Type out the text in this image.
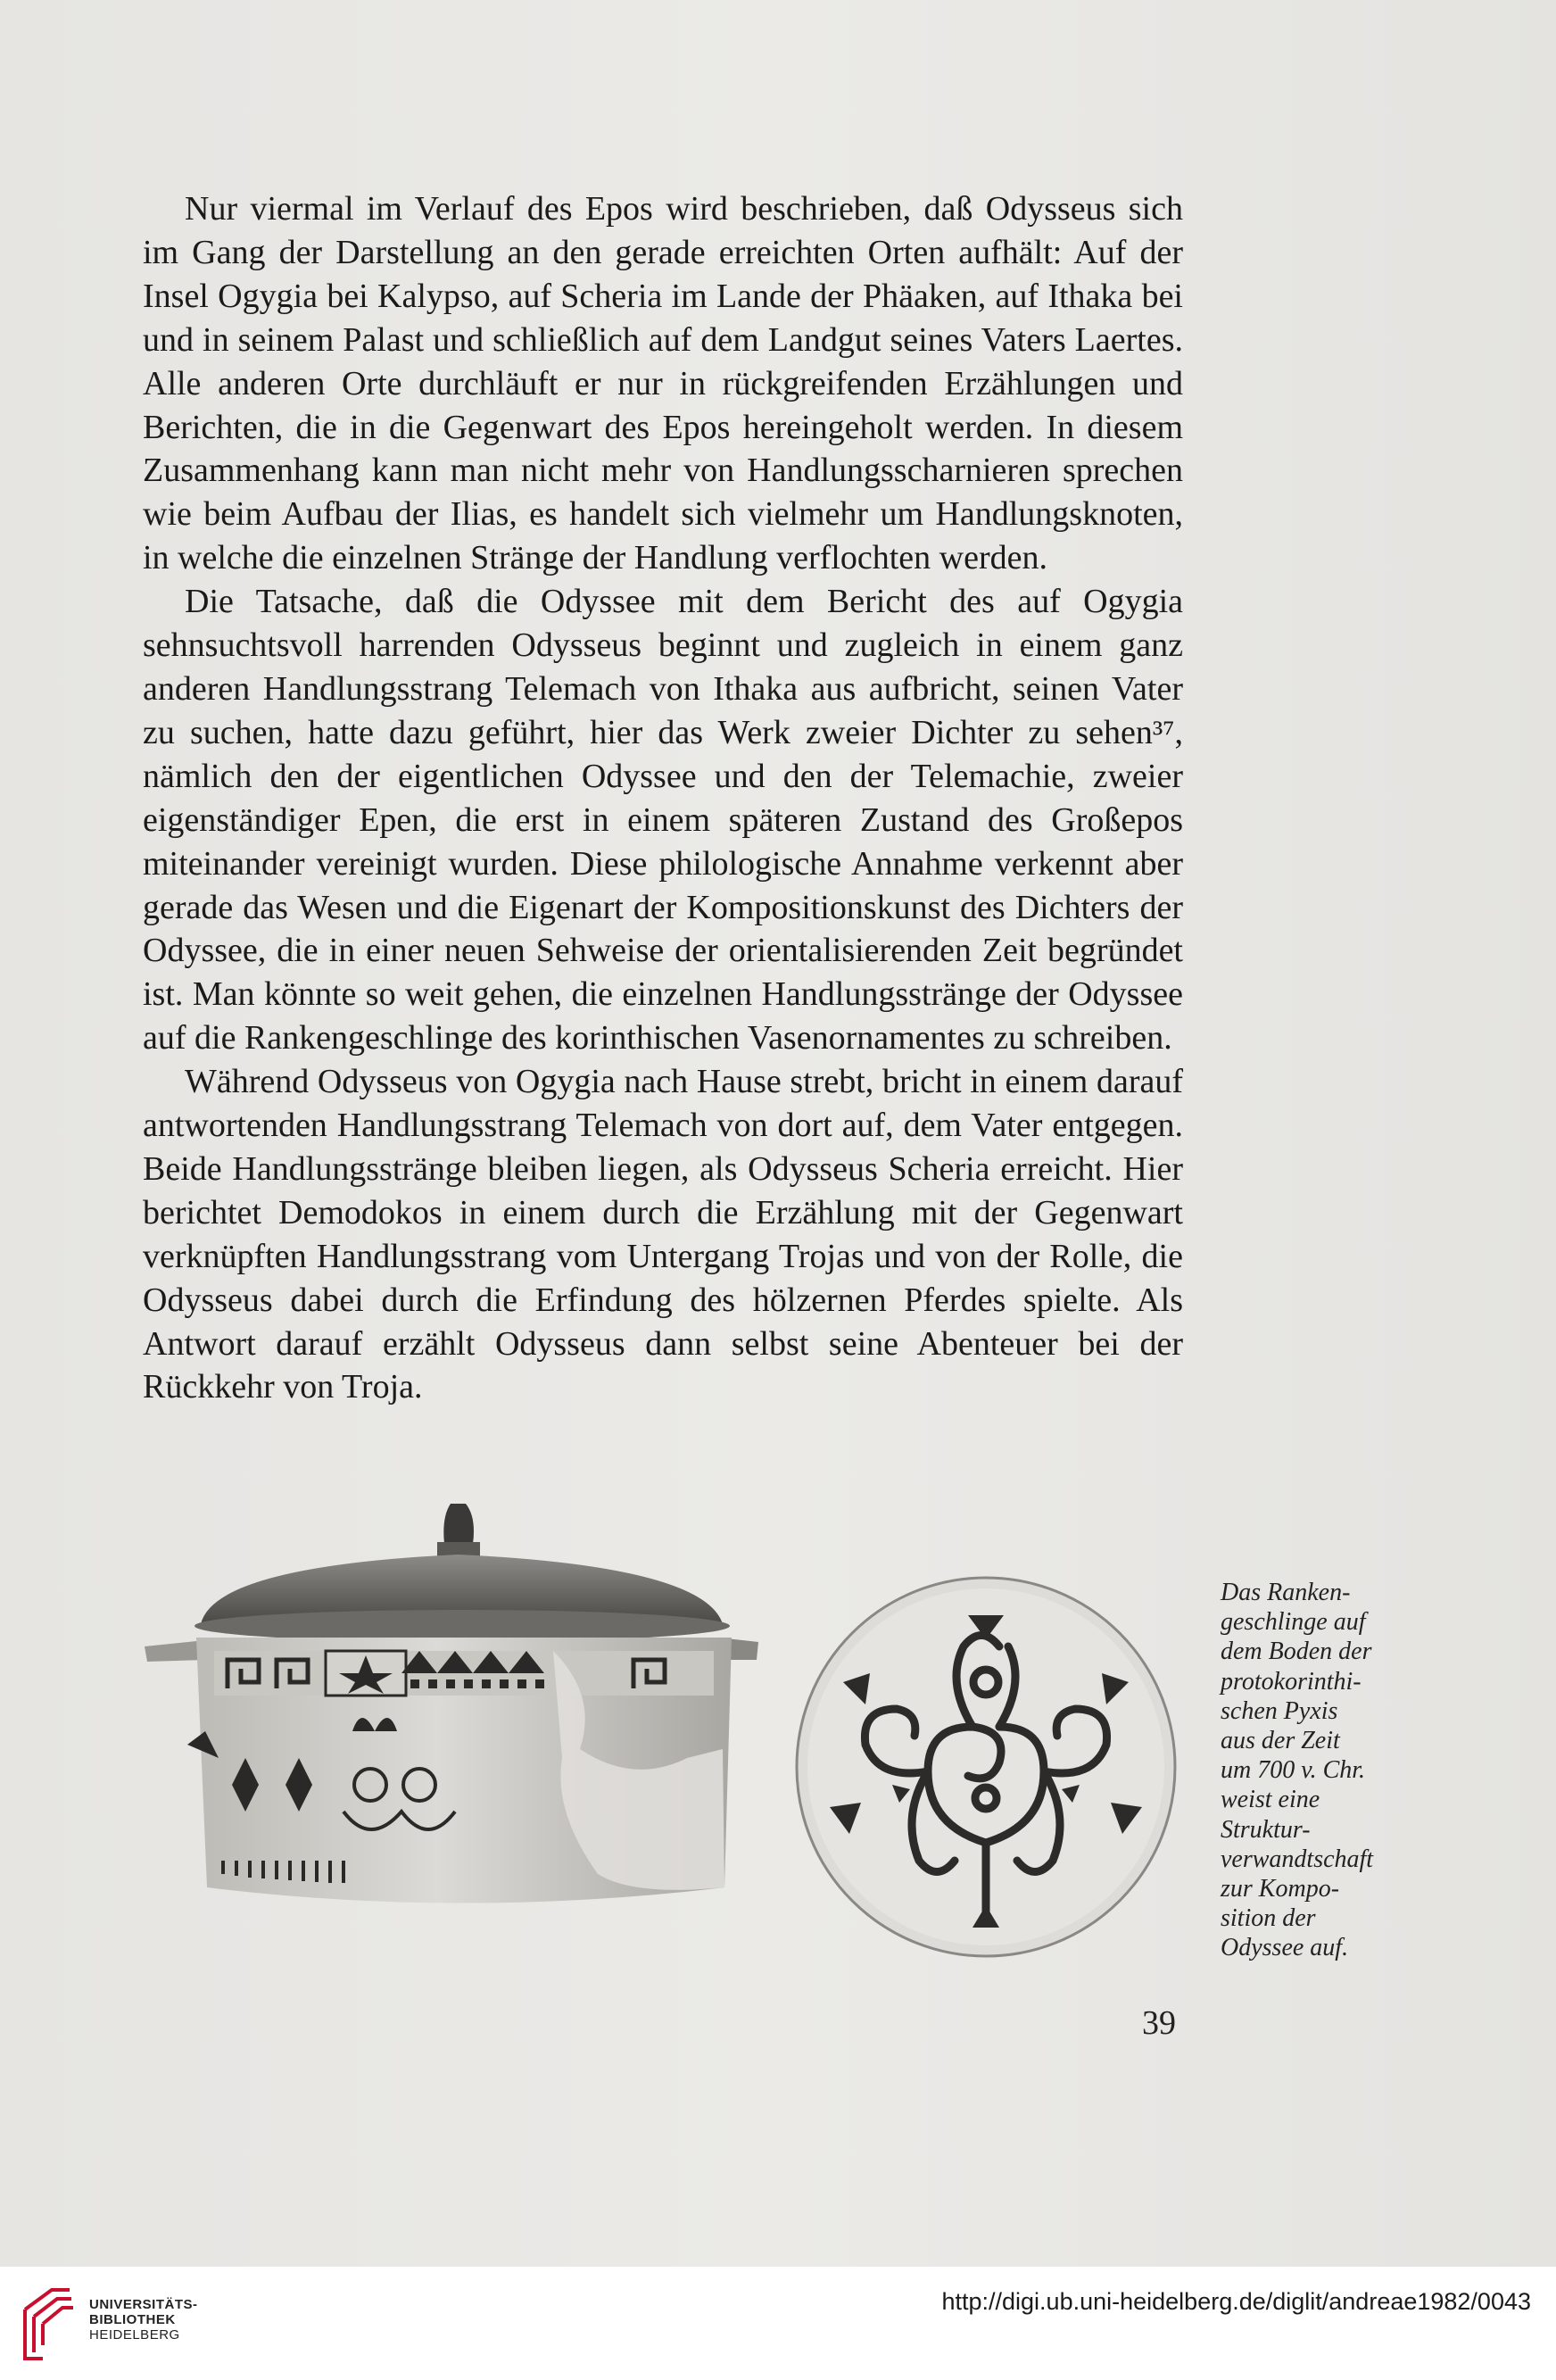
Nur viermal im Verlauf des Epos wird beschrieben, daß Odysseus sich im Gang der Darstellung an den gerade erreichten Orten aufhält: Auf der Insel Ogygia bei Kalypso, auf Scheria im Lande der Phäaken, auf Ithaka bei und in seinem Palast und schließlich auf dem Landgut seines Vaters Laertes. Alle anderen Orte durchläuft er nur in rückgreifenden Erzählungen und Berichten, die in die Gegenwart des Epos hereingeholt werden. In diesem Zusammenhang kann man nicht mehr von Handlungsscharnieren sprechen wie beim Aufbau der Ilias, es handelt sich vielmehr um Handlungsknoten, in welche die einzelnen Stränge der Handlung verflochten werden.

Die Tatsache, daß die Odyssee mit dem Bericht des auf Ogygia sehnsuchtsvoll harrenden Odysseus beginnt und zugleich in einem ganz anderen Handlungsstrang Telemach von Ithaka aus aufbricht, seinen Vater zu suchen, hatte dazu geführt, hier das Werk zweier Dichter zu sehen³⁷, nämlich den der eigentlichen Odyssee und den der Telemachie, zweier eigenständiger Epen, die erst in einem späteren Zustand des Großepos miteinander vereinigt wurden. Diese philologische Annahme verkennt aber gerade das Wesen und die Eigenart der Kompositionskunst des Dichters der Odyssee, die in einer neuen Sehweise der orientalisierenden Zeit begründet ist. Man könnte so weit gehen, die einzelnen Handlungsstränge der Odyssee auf die Rankengeschlinge des korinthischen Vasenornamentes zu schreiben.

Während Odysseus von Ogygia nach Hause strebt, bricht in einem darauf antwortenden Handlungsstrang Telemach von dort auf, dem Vater entgegen. Beide Handlungsstränge bleiben liegen, als Odysseus Scheria erreicht. Hier berichtet Demodokos in einem durch die Erzählung mit der Gegenwart verknüpften Handlungsstrang vom Untergang Trojas und von der Rolle, die Odysseus dabei durch die Erfindung des hölzernen Pferdes spielte. Als Antwort darauf erzählt Odysseus dann selbst seine Abenteuer bei der Rückkehr von Troja.

Das Ranken-
geschlinge auf
dem Boden der
protokorinthi-
schen Pyxis
aus der Zeit
um 700 v. Chr.
weist eine
Struktur-
verwandtschaft
zur Kompo-
sition der
Odyssee auf.
39
UNIVERSITÄTS-
BIBLIOTHEK
HEIDELBERG
http://digi.ub.uni-heidelberg.de/diglit/andreae1982/0043
